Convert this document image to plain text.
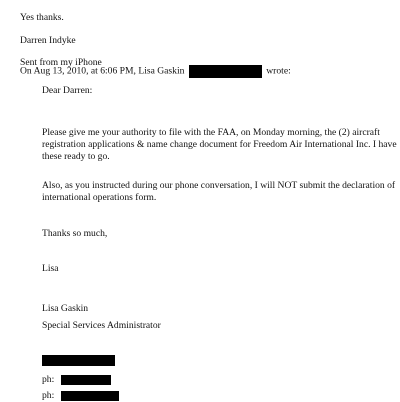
Yes thanks.
Darren Indyke
Sent from my iPhone
On Aug 13, 2010, at 6:06 PM, Lisa Gaskin	wrote:
Dear Darren:
Please give me your authority to file with the FAA, on Monday morning, the (2) aircraft
registration applications & name change document for Freedom Air International Inc. I have
these ready to go.
Also, as you instructed during our phone conversation, I will NOT submit the declaration of
international operations form.
Thanks so much,
Lisa
Lisa Gaskin
Special Services Administrator
ph:
ph:
